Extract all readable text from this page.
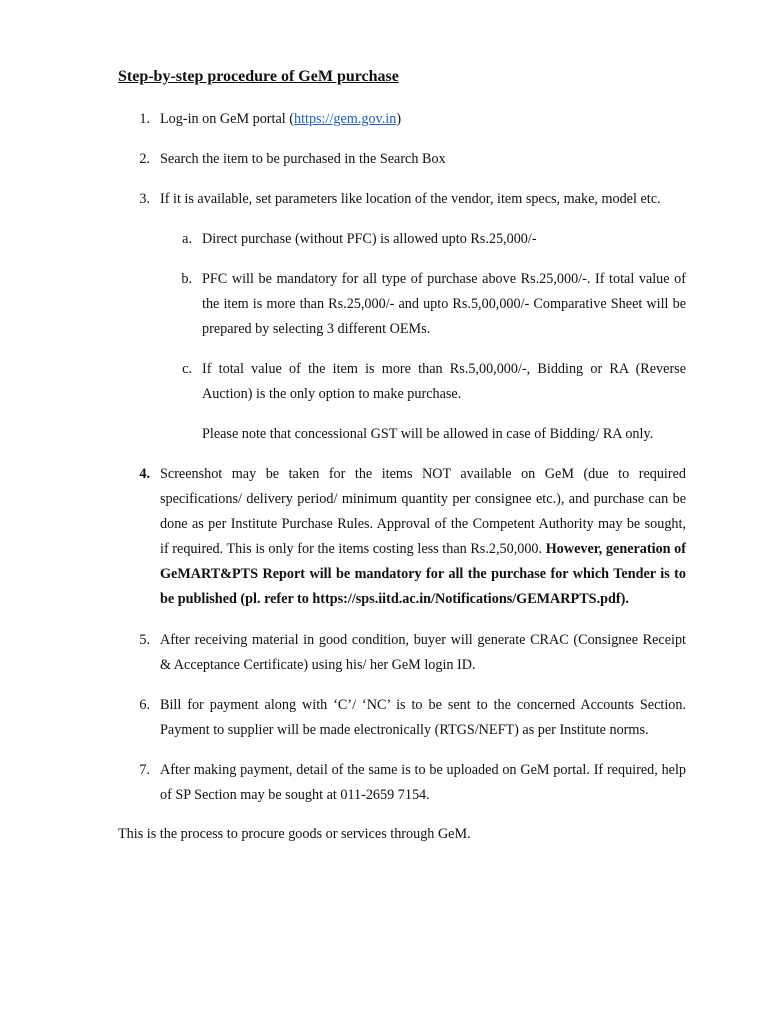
Step-by-step procedure of GeM purchase
1. Log-in on GeM portal (https://gem.gov.in)
2. Search the item to be purchased in the Search Box
3. If it is available, set parameters like location of the vendor, item specs, make, model etc.
a. Direct purchase (without PFC) is allowed upto Rs.25,000/-
b. PFC will be mandatory for all type of purchase above Rs.25,000/-. If total value of the item is more than Rs.25,000/- and upto Rs.5,00,000/- Comparative Sheet will be prepared by selecting 3 different OEMs.
c. If total value of the item is more than Rs.5,00,000/-, Bidding or RA (Reverse Auction) is the only option to make purchase.
Please note that concessional GST will be allowed in case of Bidding/ RA only.
4. Screenshot may be taken for the items NOT available on GeM (due to required specifications/ delivery period/ minimum quantity per consignee etc.), and purchase can be done as per Institute Purchase Rules. Approval of the Competent Authority may be sought, if required. This is only for the items costing less than Rs.2,50,000. However, generation of GeMART&PTS Report will be mandatory for all the purchase for which Tender is to be published (pl. refer to https://sps.iitd.ac.in/Notifications/GEMARPTS.pdf).
5. After receiving material in good condition, buyer will generate CRAC (Consignee Receipt & Acceptance Certificate) using his/ her GeM login ID.
6. Bill for payment along with ‘C’/ ‘NC’ is to be sent to the concerned Accounts Section. Payment to supplier will be made electronically (RTGS/NEFT) as per Institute norms.
7. After making payment, detail of the same is to be uploaded on GeM portal. If required, help of SP Section may be sought at 011-2659 7154.
This is the process to procure goods or services through GeM.
